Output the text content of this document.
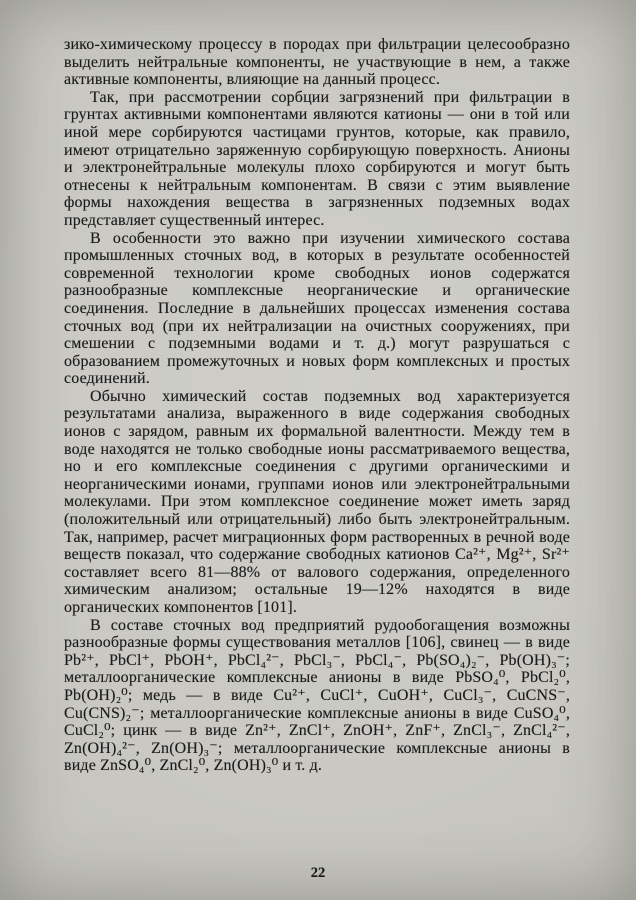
зико-химическому процессу в породах при фильтрации целесообразно выделить нейтральные компоненты, не участвующие в нем, а также активные компоненты, влияющие на данный процесс.

Так, при рассмотрении сорбции загрязнений при фильтрации в грунтах активными компонентами являются катионы — они в той или иной мере сорбируются частицами грунтов, которые, как правило, имеют отрицательно заряженную сорбирующую поверхность. Анионы и электронейтральные молекулы плохо сорбируются и могут быть отнесены к нейтральным компонентам. В связи с этим выявление формы нахождения вещества в загрязненных подземных водах представляет существенный интерес.

В особенности это важно при изучении химического состава промышленных сточных вод, в которых в результате особенностей современной технологии кроме свободных ионов содержатся разнообразные комплексные неорганические и органические соединения. Последние в дальнейших процессах изменения состава сточных вод (при их нейтрализации на очистных сооружениях, при смешении с подземными водами и т. д.) могут разрушаться с образованием промежуточных и новых форм комплексных и простых соединений.

Обычно химический состав подземных вод характеризуется результатами анализа, выраженного в виде содержания свободных ионов с зарядом, равным их формальной валентности. Между тем в воде находятся не только свободные ионы рассматриваемого вещества, но и его комплексные соединения с другими органическими и неорганическими ионами, группами ионов или электронейтральными молекулами. При этом комплексное соединение может иметь заряд (положительный или отрицательный) либо быть электронейтральным. Так, например, расчет миграционных форм растворенных в речной воде веществ показал, что содержание свободных катионов Ca²⁺, Mg²⁺, Sr²⁺ составляет всего 81—88% от валового содержания, определенного химическим анализом; остальные 19—12% находятся в виде органических компонентов [101].

В составе сточных вод предприятий рудообогащения возможны разнообразные формы существования металлов [106], свинец — в виде Pb²⁺, PbCl⁺, PbOH⁺, PbCl₄²⁻, PbCl₃⁻, PbCl₄⁻, Pb(SO₄)₂⁻, Pb(OH)₃⁻; металлоорганические комплексные анионы в виде PbSO₄⁰, PbCl₂⁰, Pb(OH)₂⁰; медь — в виде Cu²⁺, CuCl⁺, CuOH⁺, CuCl₃⁻, CuCNS⁻, Cu(CNS)₂⁻; металлоорганические комплексные анионы в виде CuSO₄⁰, CuCl₂⁰; цинк — в виде Zn²⁺, ZnCl⁺, ZnOH⁺, ZnF⁺, ZnCl₃⁻, ZnCl₄²⁻, Zn(OH)₄²⁻, Zn(OH)₃⁻; металлоорганические комплексные анионы в виде ZnSO₄⁰, ZnCl₂⁰, Zn(OH)₃⁰ и т. д.

22
